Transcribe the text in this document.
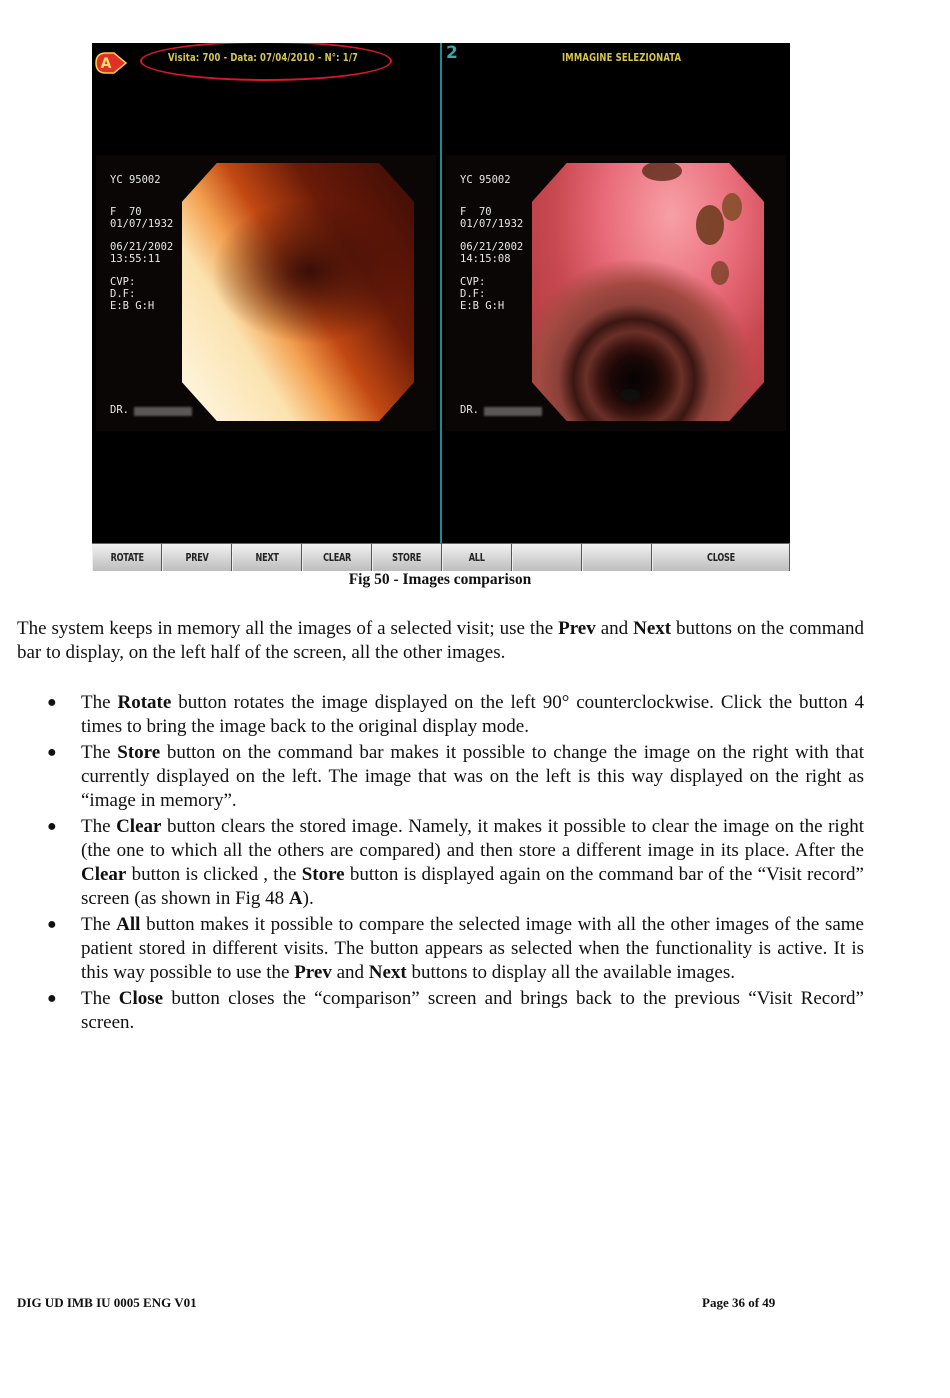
A	Visita: 700 - Data: 07/04/2010 - N°: 1/7
YC 95002
F  70
01/07/1932
06/21/2002
13:55:11
CVP:
D.F:
E:B G:H
DR.
2	IMMAGINE SELEZIONATA
YC 95002
F  70
01/07/1932
06/21/2002
14:15:08
CVP:
D.F:
E:B G:H
DR.
ROTATE	PREV	NEXT	CLEAR	STORE	ALL	CLOSE
Fig 50 - Images comparison

The system keeps in memory all the images of a selected visit; use the Prev and Next buttons on the command bar to display, on the left half of the screen, all the other images.

● The Rotate button rotates the image displayed on the left 90° counterclockwise. Click the button 4 times to bring the image back to the original display mode.
● The Store button on the command bar makes it possible to change the image on the right with that currently displayed on the left. The image that was on the left is this way displayed on the right as “image in memory”.
● The Clear button clears the stored image. Namely, it makes it possible to clear the image on the right (the one to which all the others are compared) and then store a different image in its place. After the Clear button is clicked , the Store button is displayed again on the command bar of the “Visit record” screen (as shown in Fig 48 A).
● The All button makes it possible to compare the selected image with all the other images of the same patient stored in different visits. The button appears as selected when the functionality is active. It is this way possible to use the Prev and Next buttons to display all the available images.
● The Close button closes the “comparison” screen and brings back to the previous “Visit Record” screen.
DIG UD IMB IU 0005 ENG V01	Page 36 of 49
